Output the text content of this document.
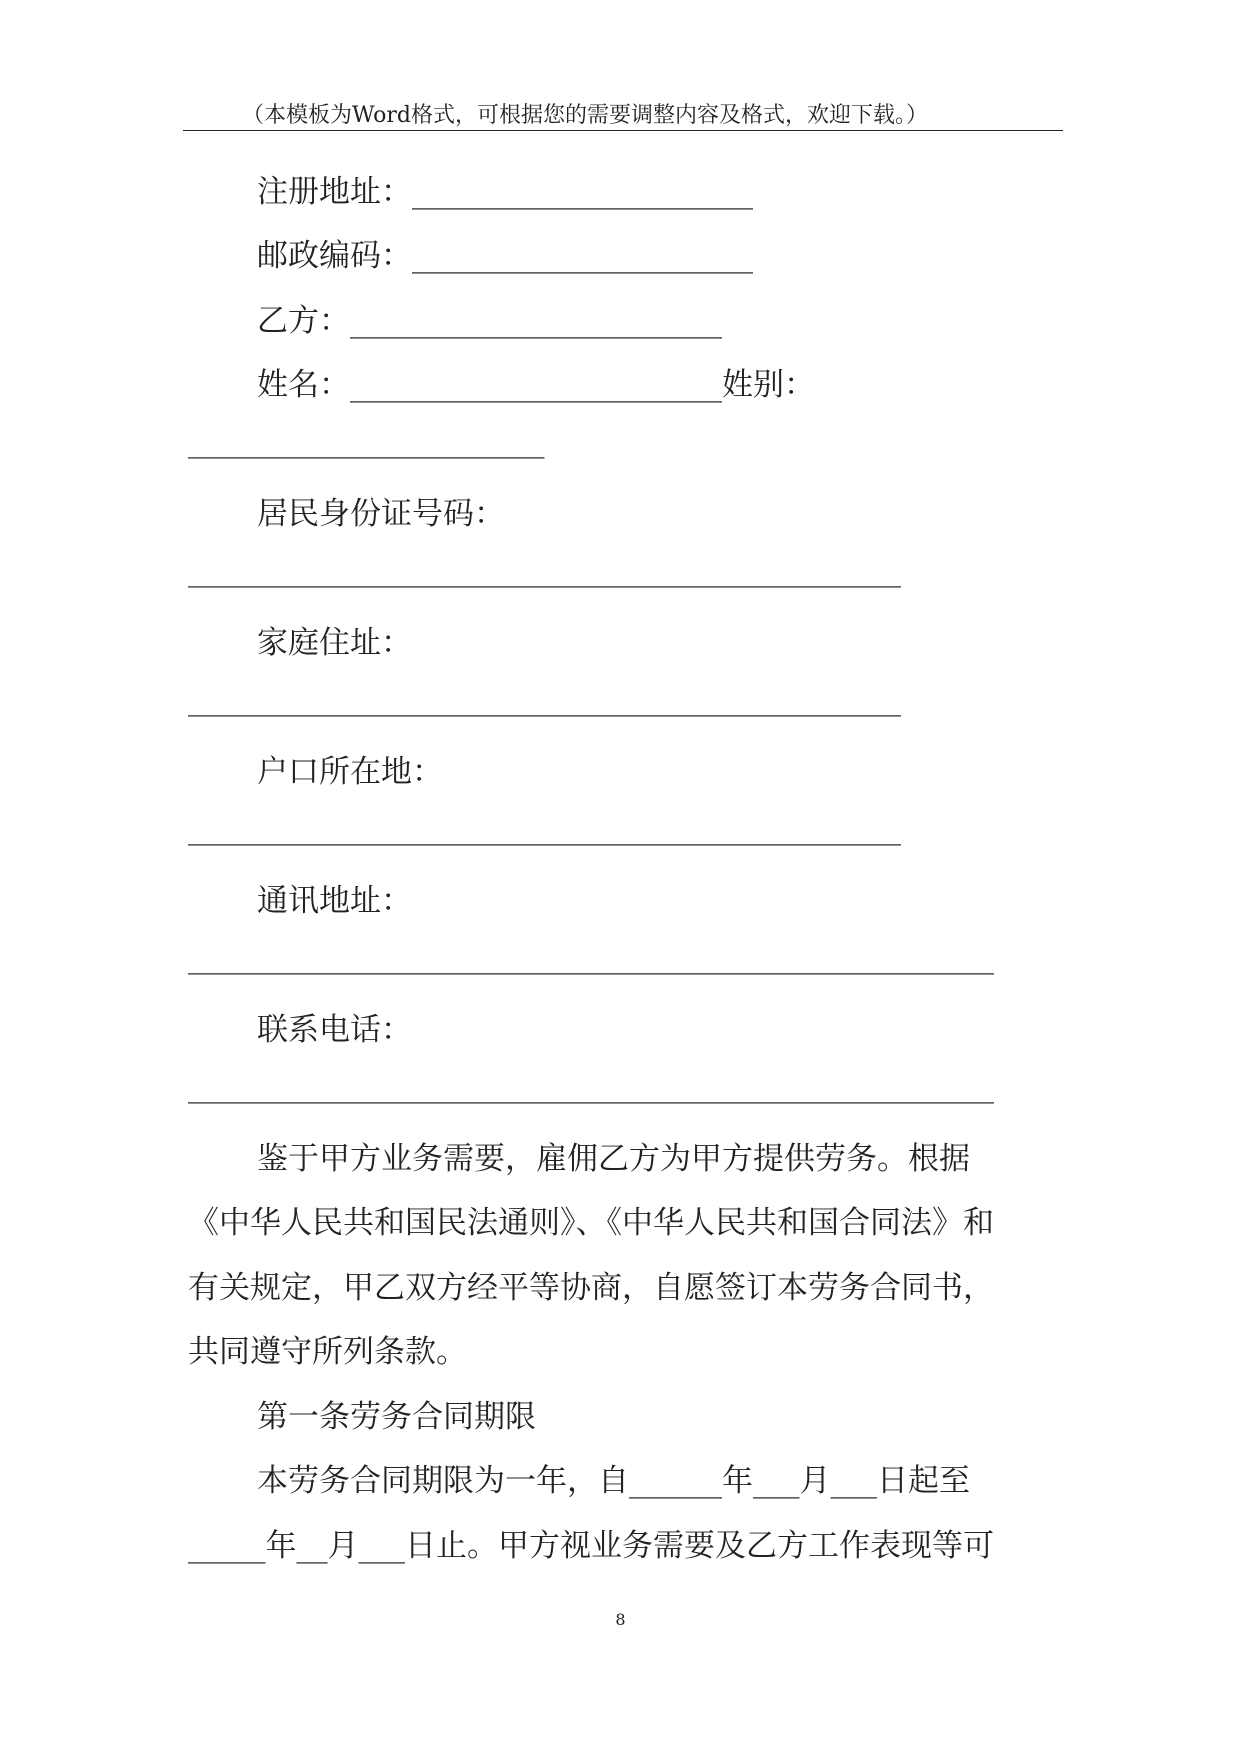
（本模板为Word格式，可根据您的需要调整内容及格式，欢迎下载。）
注册地址：______________________
邮政编码：______________________
乙方：________________________
姓名：________________________姓别：
_______________________
居民身份证号码：
______________________________________________
家庭住址：
______________________________________________
户口所在地：
______________________________________________
通讯地址：
____________________________________________________
联系电话：
____________________________________________________
鉴于甲方业务需要，雇佣乙方为甲方提供劳务。根据
《中华人民共和国民法通则》、《中华人民共和国合同法》和
有关规定，甲乙双方经平等协商，自愿签订本劳务合同书，
共同遵守所列条款。
第一条劳务合同期限
本劳务合同期限为一年，自______年___月___日起至
_____年__月___日止。甲方视业务需要及乙方工作表现等可
8
